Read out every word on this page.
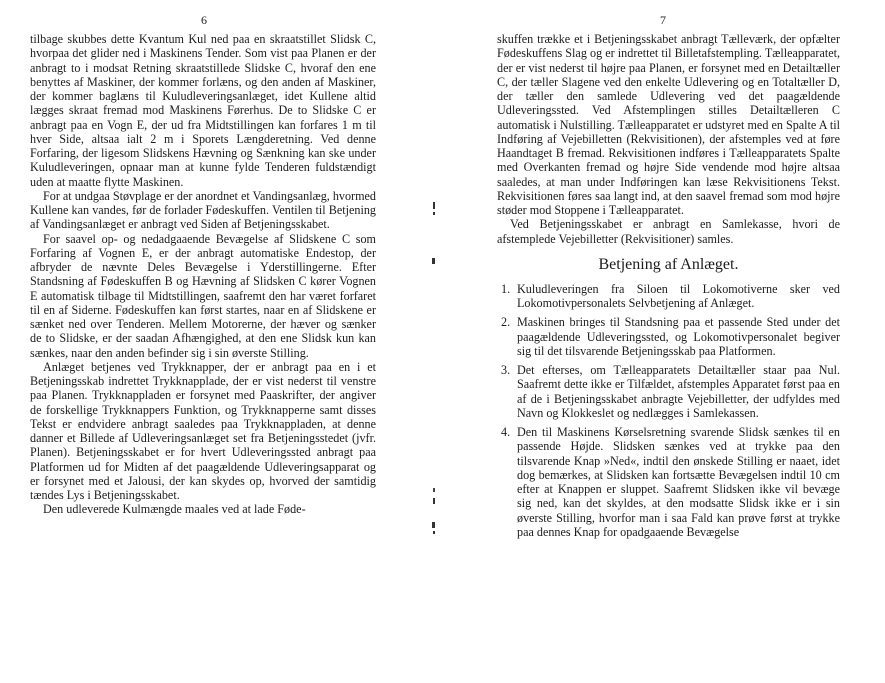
6	7

tilbage skubbes dette Kvantum Kul ned paa en skraatstillet Slidsk C, hvorpaa det glider ned i Maskinens Tender. Som vist paa Planen er der anbragt to i modsat Retning skraatstillede Slidske C, hvoraf den ene benyttes af Maskiner, der kommer forlæns, og den anden af Maskiner, der kommer baglæns til Kuludleveringsanlæget, idet Kullene altid lægges skraat fremad mod Maskinens Førerhus. De to Slidske C er anbragt paa en Vogn E, der ud fra Midtstillingen kan forfares 1 m til hver Side, altsaa ialt 2 m i Sporets Længderetning. Ved denne Forfaring, der ligesom Slidskens Hævning og Sænkning kan ske under Kuludleveringen, opnaar man at kunne fylde Tenderen fuldstændigt uden at maatte flytte Maskinen.

For at undgaa Støvplage er der anordnet et Vandingsanlæg, hvormed Kullene kan vandes, før de forlader Fødeskuffen. Ventilen til Betjening af Vandingsanlæget er anbragt ved Siden af Betjeningsskabet.

For saavel op- og nedadgaaende Bevægelse af Slidskene C som Forfaring af Vognen E, er der anbragt automatiske Endestop, der afbryder de nævnte Deles Bevægelse i Yderstillingerne. Efter Standsning af Fødeskuffen B og Hævning af Slidsken C kører Vognen E automatisk tilbage til Midtstillingen, saafremt den har været forfaret til en af Siderne. Fødeskuffen kan først startes, naar en af Slidskene er sænket ned over Tenderen. Mellem Motorerne, der hæver og sænker de to Slidske, er der saadan Afhængighed, at den ene Slidsk kun kan sænkes, naar den anden befinder sig i sin øverste Stilling.

Anlæget betjenes ved Trykknapper, der er anbragt paa en i et Betjeningsskab indrettet Trykknapplade, der er vist nederst til venstre paa Planen. Trykknappladen er forsynet med Paaskrifter, der angiver de forskellige Trykknappers Funktion, og Trykknapperne samt disses Tekst er endvidere anbragt saaledes paa Trykknappladen, at denne danner et Billede af Udleveringsanlæget set fra Betjeningsstedet (jvfr. Planen). Betjeningsskabet er for hvert Udleveringssted anbragt paa Platformen ud for Midten af det paagældende Udleveringsapparat og er forsynet med et Jalousi, der kan skydes op, hvorved der samtidig tændes Lys i Betjeningsskabet.

Den udleverede Kulmængde maales ved at lade Føde-

skuffen trække et i Betjeningsskabet anbragt Tælleværk, der opfælter Fødeskuffens Slag og er indrettet til Billetafstempling. Tælleapparatet, der er vist nederst til højre paa Planen, er forsynet med en Detailtæller C, der tæller Slagene ved den enkelte Udlevering og en Totaltæller D, der tæller den samlede Udlevering ved det paagældende Udleveringssted. Ved Afstemplingen stilles Detailtælleren C automatisk i Nulstilling. Tælleapparatet er udstyret med en Spalte A til Indføring af Vejebilletten (Rekvisitionen), der afstemples ved at føre Haandtaget B fremad. Rekvisitionen indføres i Tælleapparatets Spalte med Overkanten fremad og højre Side vendende mod højre altsaa saaledes, at man under Indføringen kan læse Rekvisitionens Tekst. Rekvisitionen føres saa langt ind, at den saavel fremad som mod højre støder mod Stoppene i Tælleapparatet.

Ved Betjeningsskabet er anbragt en Samlekasse, hvori de afstemplede Vejebilletter (Rekvisitioner) samles.

Betjening af Anlæget.
1. Kuludleveringen fra Siloen til Lokomotiverne sker ved Lokomotivpersonalets Selvbetjening af Anlæget.
2. Maskinen bringes til Standsning paa et passende Sted under det paagældende Udleveringssted, og Lokomotivpersonalet begiver sig til det tilsvarende Betjeningsskab paa Platformen.
3. Det efterses, om Tælleapparatets Detailtæller staar paa Nul. Saafremt dette ikke er Tilfældet, afstemples Apparatet først paa en af de i Betjeningsskabet anbragte Vejebilletter, der udfyldes med Navn og Klokkeslet og nedlægges i Samlekassen.
4. Den til Maskinens Kørselsretning svarende Slidsk sænkes til en passende Højde. Slidsken sænkes ved at trykke paa den tilsvarende Knap »Ned«, indtil den ønskede Stilling er naaet, idet dog bemærkes, at Slidsken kan fortsætte Bevægelsen indtil 10 cm efter at Knappen er sluppet. Saafremt Slidsken ikke vil bevæge sig ned, kan det skyldes, at den modsatte Slidsk ikke er i sin øverste Stilling, hvorfor man i saa Fald kan prøve først at trykke paa dennes Knap for opadgaaende Bevægelse
